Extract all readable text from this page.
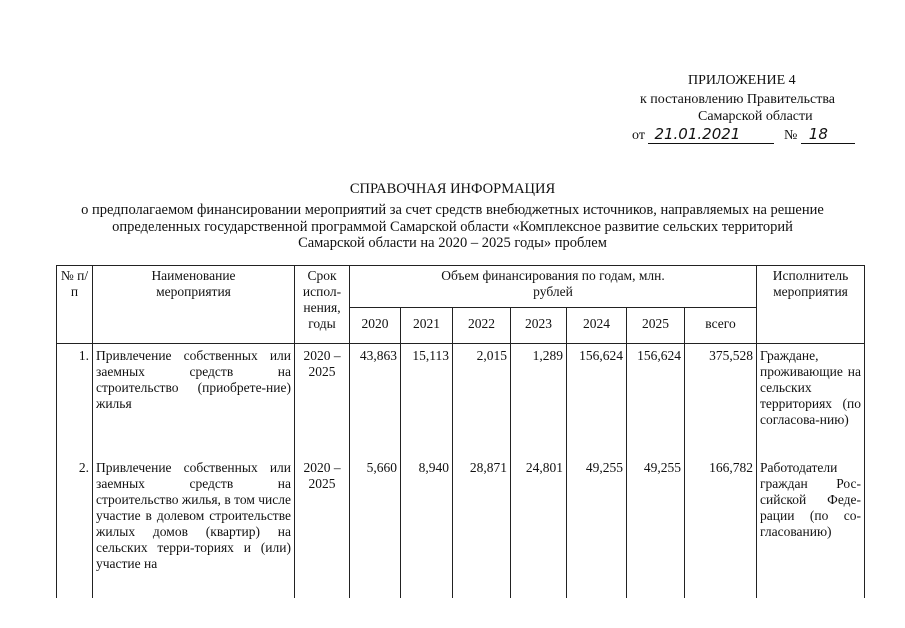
ПРИЛОЖЕНИЕ 4
к постановлению Правительства
Самарской области
от 21.01.2021	№ 18
СПРАВОЧНАЯ ИНФОРМАЦИЯ
о предполагаемом финансировании мероприятий за счет средств внебюджетных источников, направляемых на решение
определенных государственной программой Самарской области «Комплексное развитие сельских территорий
Самарской области на 2020 – 2025 годы» проблем
№ п/п	Наименование мероприятия	Срок испол-нения, годы	Объем финансирования по годам, млн. рублей							Исполнитель мероприятия
			2020	2021	2022	2023	2024	2025	всего	
1.	Привлечение собственных или заемных средств на строительство (приобрете-ние) жилья	2020 – 2025	43,863	15,113	2,015	1,289	156,624	156,624	375,528	Граждане, проживающие на сельских территориях (по согласова-нию)
2.	Привлечение собственных или заемных средств на строительство жилья, в том числе участие в долевом строительстве жилых домов (квартир) на сельских терри-ториях и (или) участие на	2020 – 2025	5,660	8,940	28,871	24,801	49,255	49,255	166,782	Работодатели граждан Рос-сийской Феде-рации (по со-гласованию)
